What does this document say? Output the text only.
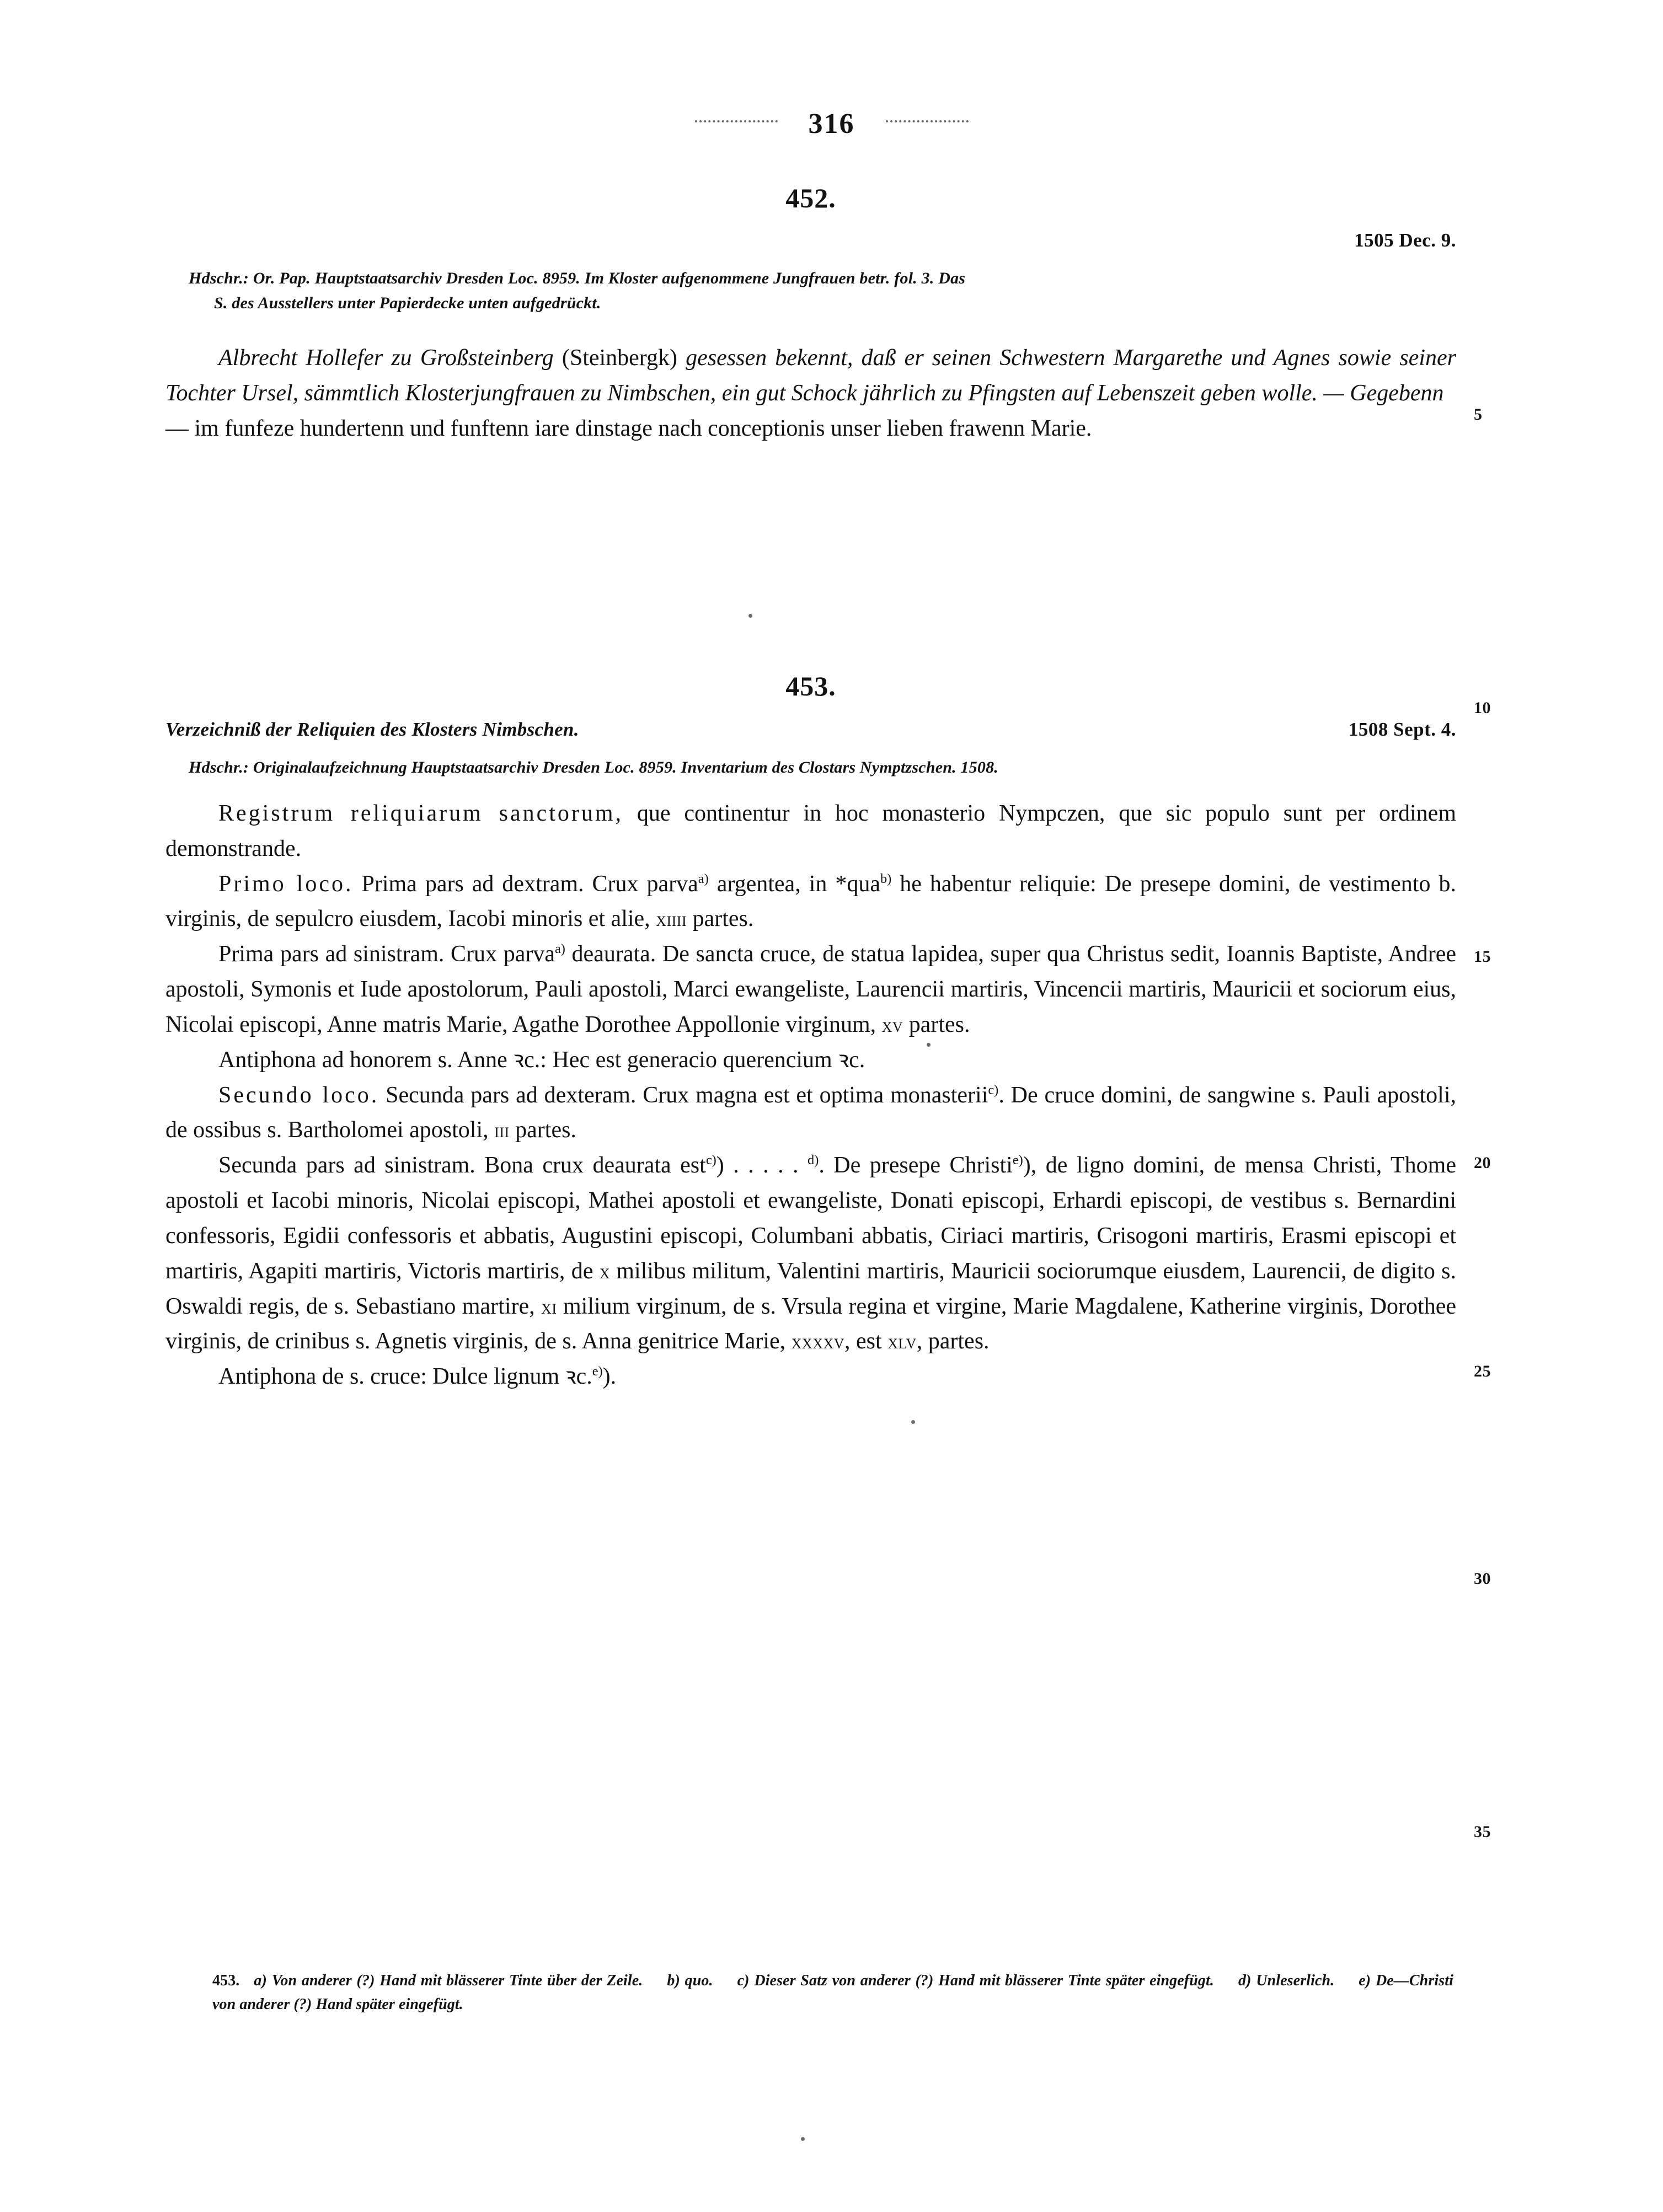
316
452.
1505 Dec. 9.
Hdschr.: Or. Pap. Hauptstaatsarchiv Dresden Loc. 8959. Im Kloster aufgenommene Jungfrauen betr. fol. 3. Das
S. des Ausstellers unter Papierdecke unten aufgedrückt.

Albrecht Hollefer zu Großsteinberg (Steinbergk) gesessen bekennt, daß er seinen Schwestern Margarethe und Agnes sowie seiner Tochter Ursel, sämmtlich Klosterjungfrauen zu Nimbschen, ein gut Schock jährlich zu Pfingsten auf Lebenszeit geben wolle. — Gegebenn

— im funfeze hundertenn und funftenn iare dinstage nach conceptionis unser lieben frawenn Marie.

453.
Verzeichniß der Reliquien des Klosters Nimbschen.	1508 Sept. 4.
Hdschr.: Originalaufzeichnung Hauptstaatsarchiv Dresden Loc. 8959. Inventarium des Clostars Nymptzschen. 1508.

Registrum reliquiarum sanctorum, que continentur in hoc monasterio Nympczen, que sic populo sunt per ordinem demonstrande.

Primo loco. Prima pars ad dextram. Crux parva$^{a)}$ argentea, in *qua$^{b)}$ he habentur reliquie: De presepe domini, de vestimento b. virginis, de sepulcro eiusdem, Iacobi minoris et alie, xiiii partes.

Prima pars ad sinistram. Crux parva$^{a)}$ deaurata. De sancta cruce, de statua lapidea, super qua Christus sedit, Ioannis Baptiste, Andree apostoli, Symonis et Iude apostolorum, Pauli apostoli, Marci ewangeliste, Laurencii martiris, Vincencii martiris, Mauricii et sociorum eius, Nicolai episcopi, Anne matris Marie, Agathe Dorothee Appollonie virginum, xv partes.

Antiphona ad honorem s. Anne ꝛc.: Hec est generacio querencium ꝛc.

Secundo loco. Secunda pars ad dexteram. Crux magna est et optima monasterii$^{c)}$. De cruce domini, de sangwine s. Pauli apostoli, de ossibus s. Bartholomei apostoli, iii partes.

Secunda pars ad sinistram. Bona crux deaurata est$^{c)}$) . . . . . $^{d)}$. De presepe Christi$^{e)}$), de ligno domini, de mensa Christi, Thome apostoli et Iacobi minoris, Nicolai episcopi, Mathei apostoli et ewangeliste, Donati episcopi, Erhardi episcopi, de vestibus s. Bernardini confessoris, Egidii confessoris et abbatis, Augustini episcopi, Columbani abbatis, Ciriaci martiris, Crisogoni martiris, Erasmi episcopi et martiris, Agapiti martiris, Victoris martiris, de x milibus militum, Valentini martiris, Mauricii sociorumque eiusdem, Laurencii, de digito s. Oswaldi regis, de s. Sebastiano martire, xi milium virginum, de s. Vrsula regina et virgine, Marie Magdalene, Katherine virginis, Dorothee virginis, de crinibus s. Agnetis virginis, de s. Anna genitrice Marie, xxxxv, est xlv, partes.

Antiphona de s. cruce: Dulce lignum ꝛc.$^{e)}$).

5
10
15
20
25
30
35
453. a) Von anderer (?) Hand mit blässerer Tinte über der Zeile. b) quo. c) Dieser Satz von anderer (?) Hand mit blässerer Tinte später eingefügt. d) Unleserlich. e) De—Christi von anderer (?) Hand später eingefügt.
